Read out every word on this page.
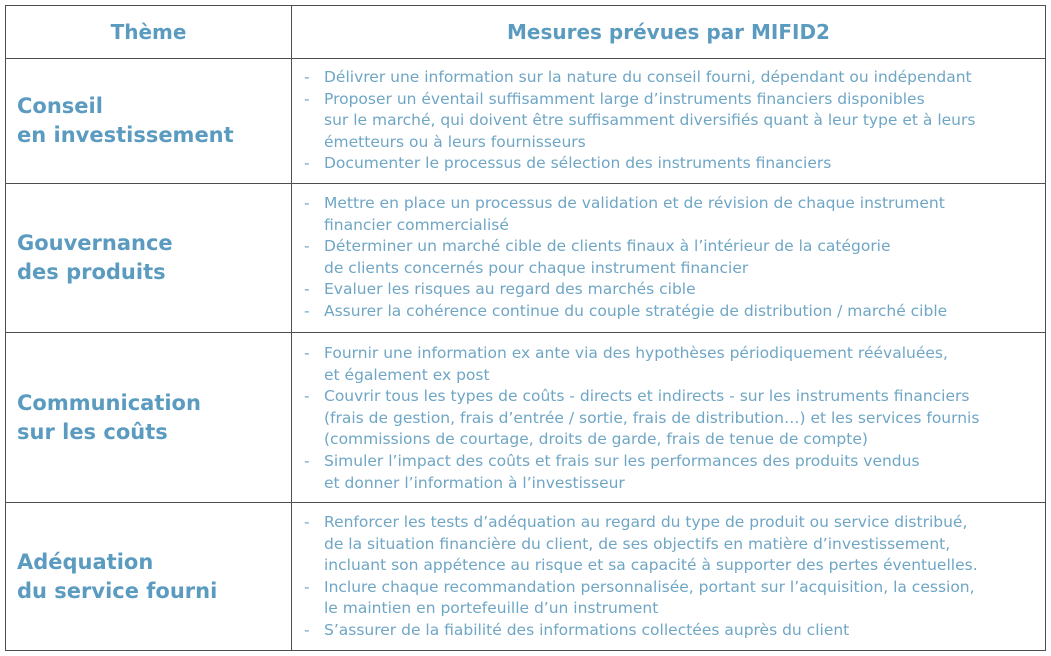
Thème	Mesures prévues par MIFID2
Conseil
en investissement
- Délivrer une information sur la nature du conseil fourni, dépendant ou indépendant
- Proposer un éventail suffisamment large d’instruments financiers disponibles
sur le marché, qui doivent être suffisamment diversifiés quant à leur type et à leurs
émetteurs ou à leurs fournisseurs
- Documenter le processus de sélection des instruments financiers
Gouvernance
des produits
- Mettre en place un processus de validation et de révision de chaque instrument
financier commercialisé
- Déterminer un marché cible de clients finaux à l’intérieur de la catégorie
de clients concernés pour chaque instrument financier
- Evaluer les risques au regard des marchés cible
- Assurer la cohérence continue du couple stratégie de distribution / marché cible
Communication
sur les coûts
- Fournir une information ex ante via des hypothèses périodiquement réévaluées,
et également ex post
- Couvrir tous les types de coûts - directs et indirects - sur les instruments financiers
(frais de gestion, frais d’entrée / sortie, frais de distribution…) et les services fournis
(commissions de courtage, droits de garde, frais de tenue de compte)
- Simuler l’impact des coûts et frais sur les performances des produits vendus
et donner l’information à l’investisseur
Adéquation
du service fourni
- Renforcer les tests d’adéquation au regard du type de produit ou service distribué,
de la situation financière du client, de ses objectifs en matière d’investissement,
incluant son appétence au risque et sa capacité à supporter des pertes éventuelles.
- Inclure chaque recommandation personnalisée, portant sur l’acquisition, la cession,
le maintien en portefeuille d’un instrument
- S’assurer de la fiabilité des informations collectées auprès du client
